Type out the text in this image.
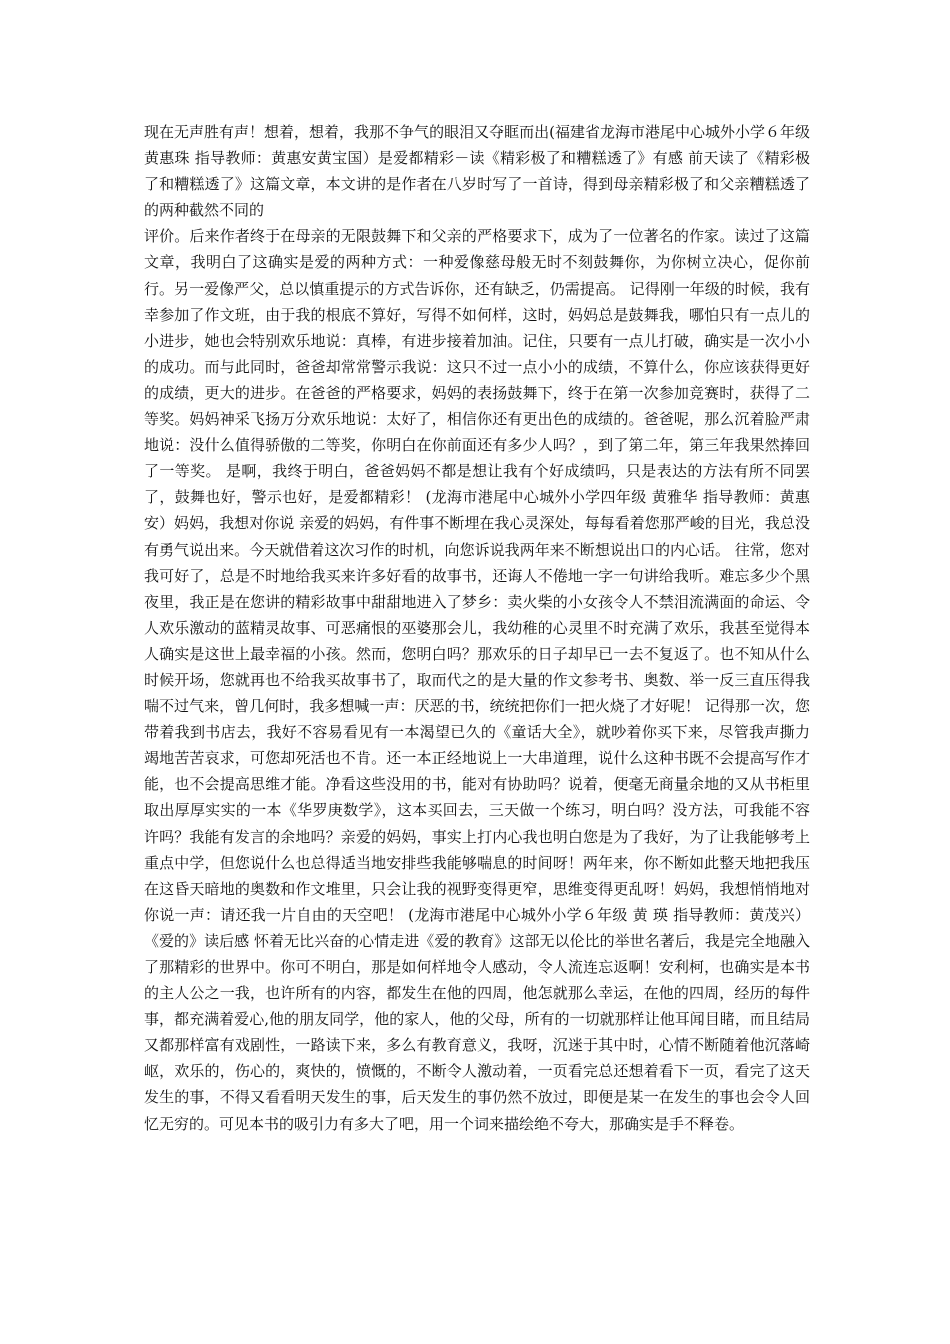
现在无声胜有声！想着，想着，我那不争气的眼泪又夺眶而出(福建省龙海市港尾中心城外小学６年级 黄惠珠 指导教师：黄惠安黄宝国）是爱都精彩－读《精彩极了和糟糕透了》有感 前天读了《精彩极了和糟糕透了》这篇文章，本文讲的是作者在八岁时写了一首诗，得到母亲精彩极了和父亲糟糕透了的两种截然不同的

评价。后来作者终于在母亲的无限鼓舞下和父亲的严格要求下，成为了一位著名的作家。读过了这篇文章，我明白了这确实是爱的两种方式：一种爱像慈母般无时不刻鼓舞你，为你树立决心，促你前行。另一爱像严父，总以慎重提示的方式告诉你，还有缺乏，仍需提高。 记得刚一年级的时候，我有幸参加了作文班，由于我的根底不算好，写得不如何样，这时，妈妈总是鼓舞我，哪怕只有一点儿的小进步，她也会特别欢乐地说：真棒，有进步接着加油。记住，只要有一点儿打破，确实是一次小小的成功。而与此同时，爸爸却常常警示我说：这只不过一点小小的成绩，不算什么，你应该获得更好的成绩，更大的进步。在爸爸的严格要求，妈妈的表扬鼓舞下，终于在第一次参加竞赛时，获得了二等奖。妈妈神采飞扬万分欢乐地说：太好了，相信你还有更出色的成绩的。爸爸呢，那么沉着脸严肃地说：没什么值得骄傲的二等奖，你明白在你前面还有多少人吗？，到了第二年，第三年我果然捧回了一等奖。 是啊，我终于明白，爸爸妈妈不都是想让我有个好成绩吗，只是表达的方法有所不同罢了，鼓舞也好，警示也好，是爱都精彩！ (龙海市港尾中心城外小学四年级 黄雅华 指导教师：黄惠安）妈妈，我想对你说 亲爱的妈妈，有件事不断埋在我心灵深处，每每看着您那严峻的目光，我总没有勇气说出来。今天就借着这次习作的时机，向您诉说我两年来不断想说出口的内心话。 往常，您对我可好了，总是不时地给我买来许多好看的故事书，还诲人不倦地一字一句讲给我听。难忘多少个黑夜里，我正是在您讲的精彩故事中甜甜地进入了梦乡：卖火柴的小女孩令人不禁泪流满面的命运、令人欢乐激动的蓝精灵故事、可恶痛恨的巫婆那会儿，我幼稚的心灵里不时充满了欢乐，我甚至觉得本人确实是这世上最幸福的小孩。然而，您明白吗？那欢乐的日子却早已一去不复返了。也不知从什么时候开场，您就再也不给我买故事书了，取而代之的是大量的作文参考书、奥数、举一反三直压得我喘不过气来，曾几何时，我多想喊一声：厌恶的书，统统把你们一把火烧了才好呢！ 记得那一次，您带着我到书店去，我好不容易看见有一本渴望已久的《童话大全》，就吵着你买下来，尽管我声撕力竭地苦苦哀求，可您却死活也不肯。还一本正经地说上一大串道理，说什么这种书既不会提高写作才能，也不会提高思维才能。净看这些没用的书，能对有协助吗？说着，便毫无商量余地的又从书柜里取出厚厚实实的一本《华罗庚数学》，这本买回去，三天做一个练习，明白吗？没方法，可我能不容许吗？我能有发言的余地吗？亲爱的妈妈，事实上打内心我也明白您是为了我好，为了让我能够考上重点中学，但您说什么也总得适当地安排些我能够喘息的时间呀！两年来，你不断如此整天地把我压在这昏天暗地的奥数和作文堆里，只会让我的视野变得更窄，思维变得更乱呀！妈妈，我想悄悄地对你说一声：请还我一片自由的天空吧！ (龙海市港尾中心城外小学６年级 黄 瑛 指导教师：黄茂兴）《爱的》读后感 怀着无比兴奋的心情走进《爱的教育》这部无以伦比的举世名著后，我是完全地融入了那精彩的世界中。你可不明白，那是如何样地令人感动，令人流连忘返啊！安利柯，也确实是本书的主人公之一我，也许所有的内容，都发生在他的四周，他怎就那么幸运，在他的四周，经历的每件事，都充满着爱心,他的朋友同学，他的家人，他的父母，所有的一切就那样让他耳闻目睹，而且结局又都那样富有戏剧性，一路读下来，多么有教育意义，我呀，沉迷于其中时，心情不断随着他沉落崎岖，欢乐的，伤心的，爽快的，愤慨的，不断令人激动着，一页看完总还想着看下一页，看完了这天发生的事，不得又看看明天发生的事，后天发生的事仍然不放过，即便是某一在发生的事也会令人回忆无穷的。可见本书的吸引力有多大了吧，用一个词来描绘绝不夸大，那确实是手不释卷。
